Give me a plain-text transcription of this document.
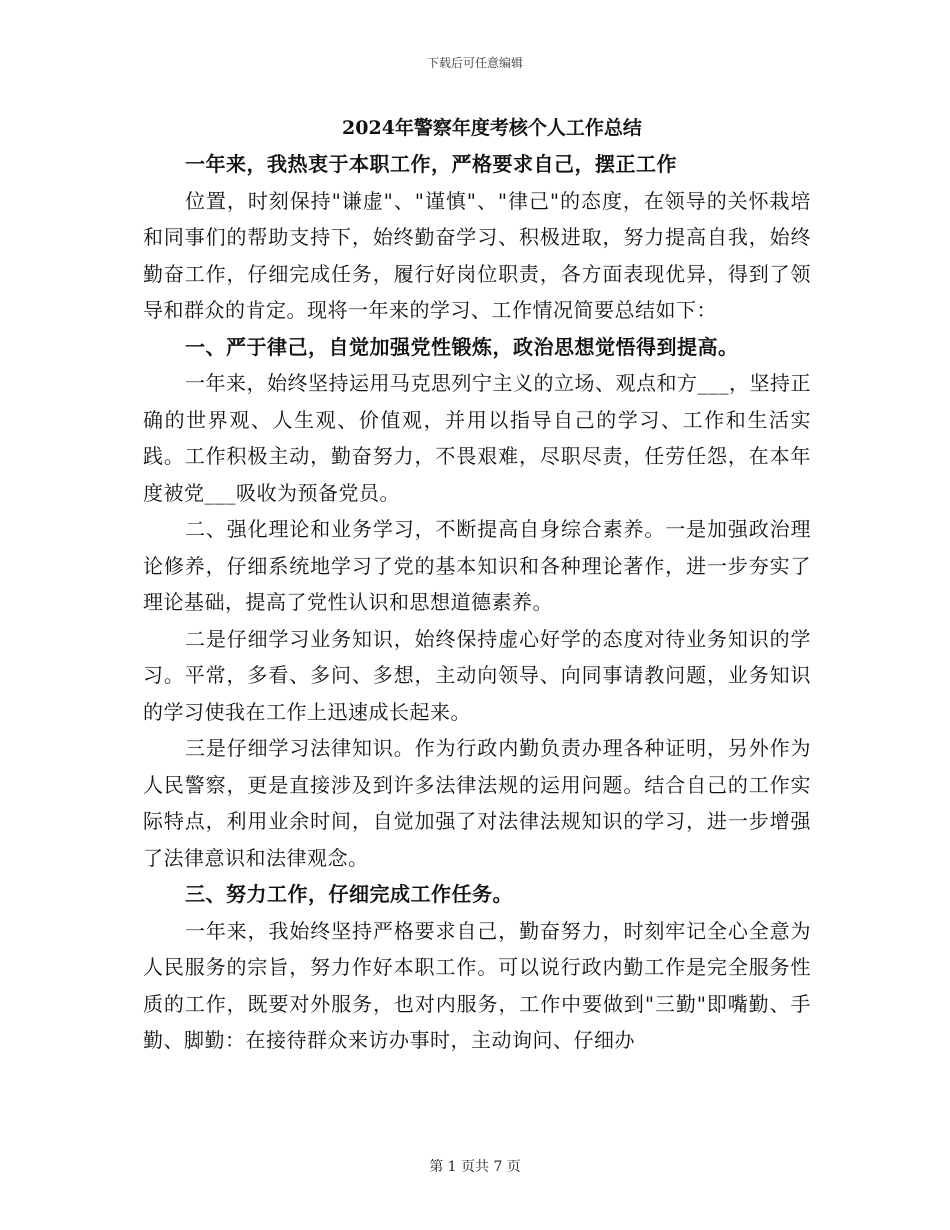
下载后可任意编辑
2024年警察年度考核个人工作总结

一年来，我热衷于本职工作，严格要求自己，摆正工作

位置，时刻保持"谦虚"、"谨慎"、"律己"的态度，在领导的关怀栽培和同事们的帮助支持下，始终勤奋学习、积极进取，努力提高自我，始终勤奋工作，仔细完成任务，履行好岗位职责，各方面表现优异，得到了领导和群众的肯定。现将一年来的学习、工作情况简要总结如下：

一、严于律己，自觉加强党性锻炼，政治思想觉悟得到提高。

一年来，始终坚持运用马克思列宁主义的立场、观点和方___，坚持正确的世界观、人生观、价值观，并用以指导自己的学习、工作和生活实践。工作积极主动，勤奋努力，不畏艰难，尽职尽责，任劳任怨，在本年度被党___吸收为预备党员。

二、强化理论和业务学习，不断提高自身综合素养。一是加强政治理论修养，仔细系统地学习了党的基本知识和各种理论著作，进一步夯实了理论基础，提高了党性认识和思想道德素养。

二是仔细学习业务知识，始终保持虚心好学的态度对待业务知识的学习。平常，多看、多问、多想，主动向领导、向同事请教问题，业务知识的学习使我在工作上迅速成长起来。

三是仔细学习法律知识。作为行政内勤负责办理各种证明，另外作为人民警察，更是直接涉及到许多法律法规的运用问题。结合自己的工作实际特点，利用业余时间，自觉加强了对法律法规知识的学习，进一步增强了法律意识和法律观念。

三、努力工作，仔细完成工作任务。

一年来，我始终坚持严格要求自己，勤奋努力，时刻牢记全心全意为人民服务的宗旨，努力作好本职工作。可以说行政内勤工作是完全服务性质的工作，既要对外服务，也对内服务，工作中要做到"三勤"即嘴勤、手勤、脚勤：在接待群众来访办事时，主动询问、仔细办

第 1 页共 7 页
